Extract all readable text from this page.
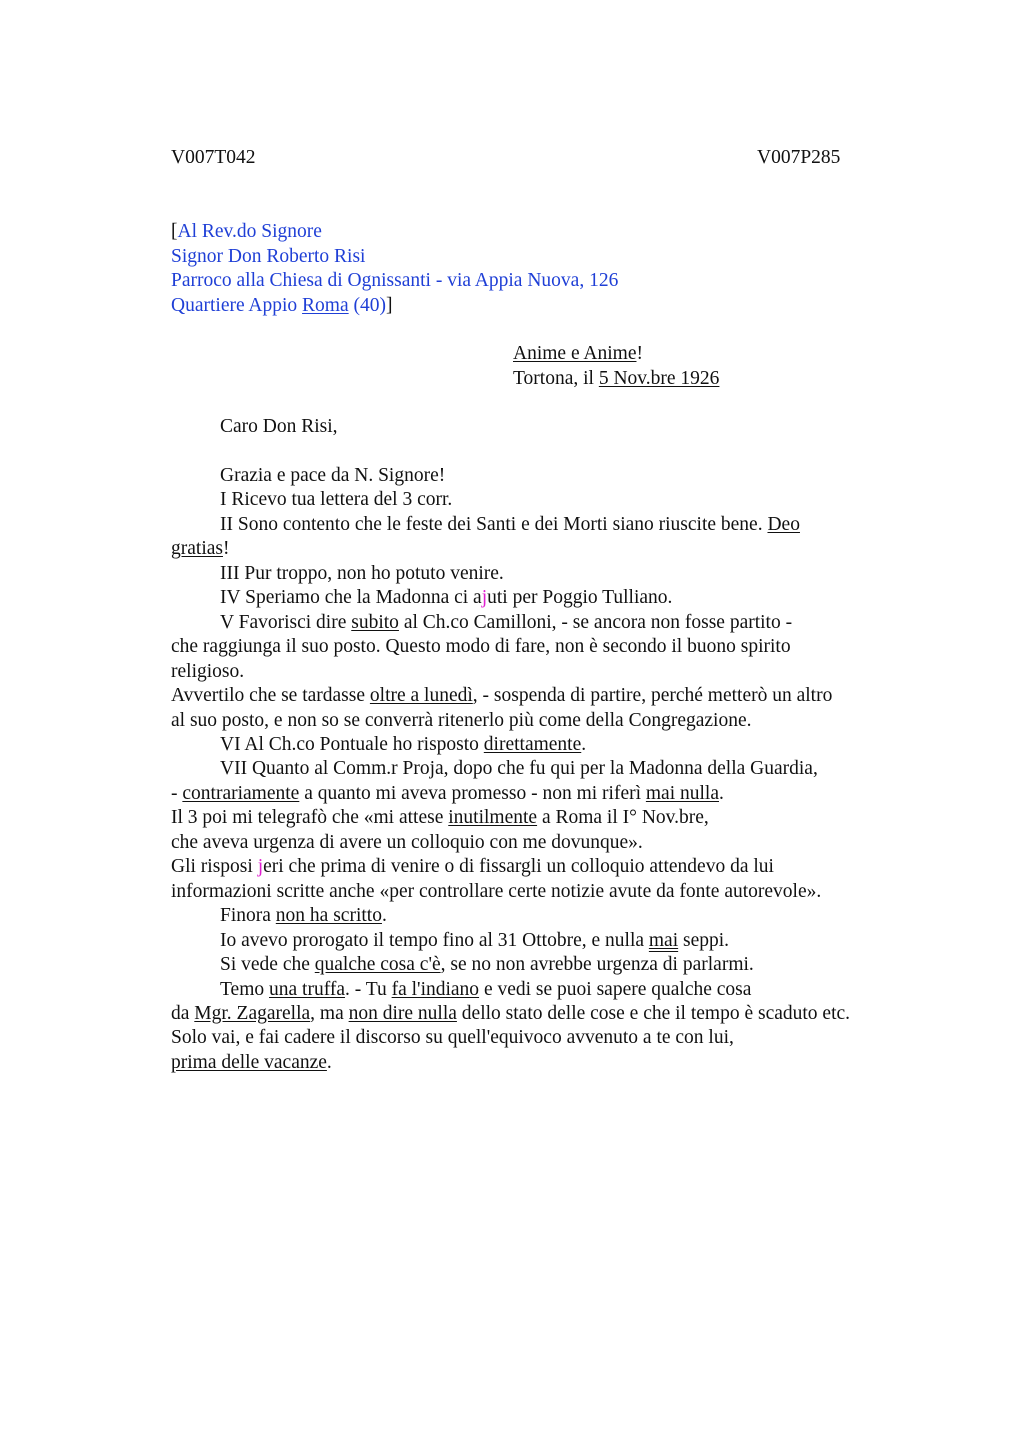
V007T042	V007P285
[Al Rev.do Signore
Signor Don Roberto Risi
Parroco alla Chiesa di Ognissanti - via Appia Nuova, 126
Quartiere Appio Roma (40)]
Anime e Anime!
Tortona, il 5 Nov.bre 1926
Caro Don Risi,
Grazia e pace da N. Signore!
I Ricevo tua lettera del 3 corr.
II Sono contento che le feste dei Santi e dei Morti siano riuscite bene. Deo
gratias!
III Pur troppo, non ho potuto venire.
IV Speriamo che la Madonna ci ajuti per Poggio Tulliano.
V Favorisci dire subito al Ch.co Camilloni, - se ancora non fosse partito -
che raggiunga il suo posto. Questo modo di fare, non è secondo il buono spirito
religioso.
Avvertilo che se tardasse oltre a lunedì, - sospenda di partire, perché metterò un altro
al suo posto, e non so se converrà ritenerlo più come della Congregazione.
VI Al Ch.co Pontuale ho risposto direttamente.
VII Quanto al Comm.r Proja, dopo che fu qui per la Madonna della Guardia,
- contrariamente a quanto mi aveva promesso - non mi riferì mai nulla.
Il 3 poi mi telegrafò che «mi attese inutilmente a Roma il I° Nov.bre,
che aveva urgenza di avere un colloquio con me dovunque».
Gli risposi jeri che prima di venire o di fissargli un colloquio attendevo da lui
informazioni scritte anche «per controllare certe notizie avute da fonte autorevole».
Finora non ha scritto.
Io avevo prorogato il tempo fino al 31 Ottobre, e nulla mai seppi.
Si vede che qualche cosa c'è, se no non avrebbe urgenza di parlarmi.
Temo una truffa. - Tu fa l'indiano e vedi se puoi sapere qualche cosa
da Mgr. Zagarella, ma non dire nulla dello stato delle cose e che il tempo è scaduto etc.
Solo vai, e fai cadere il discorso su quell'equivoco avvenuto a te con lui,
prima delle vacanze.
